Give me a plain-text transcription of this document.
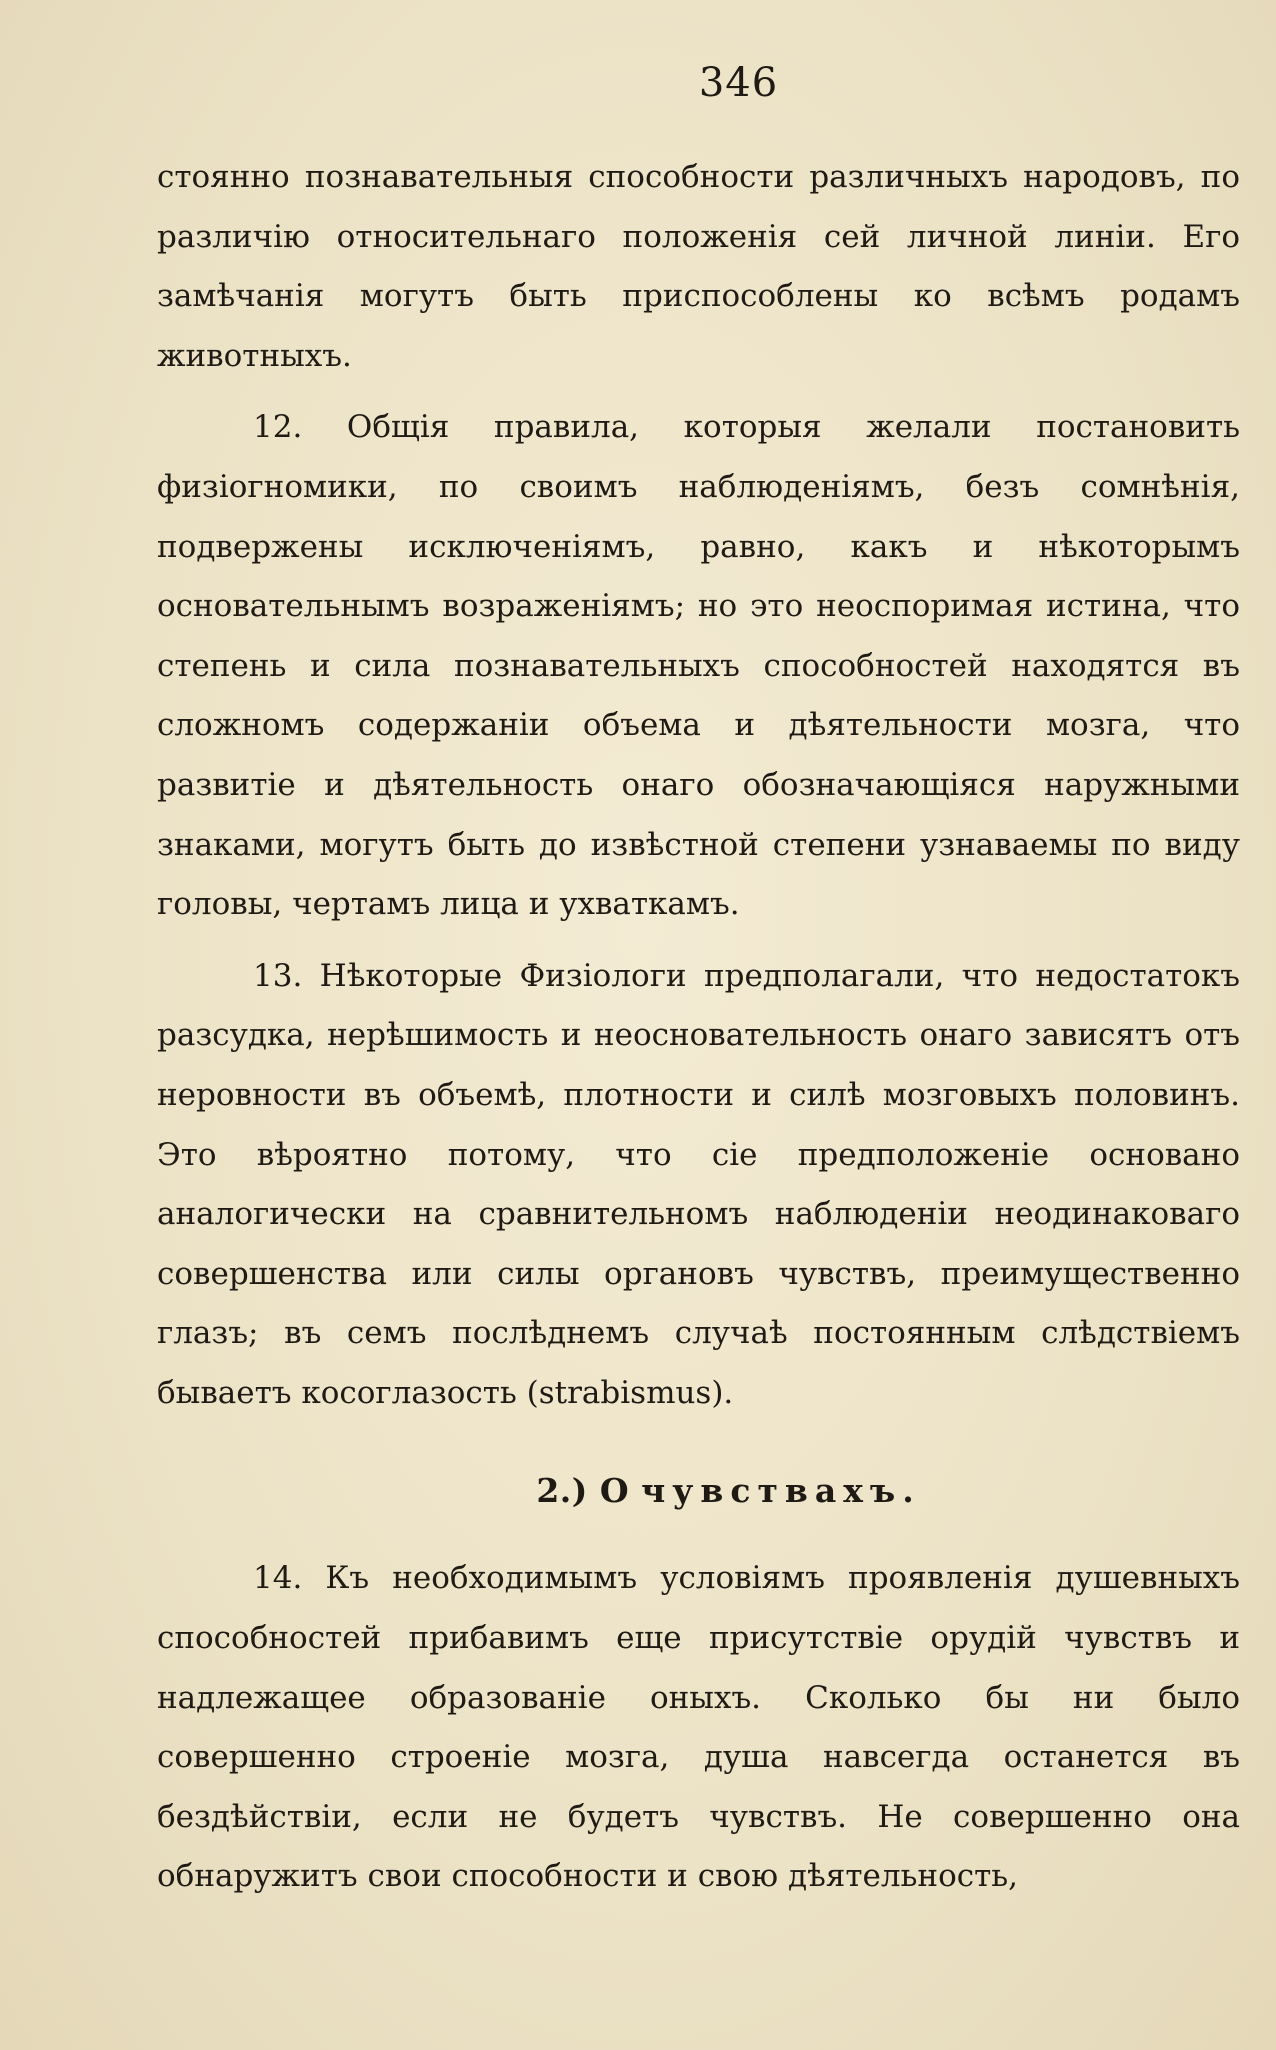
346

стоянно познавательныя способности различныхъ народовъ, по различію относительнаго положенія сей личной линіи. Его замѣчанія могутъ быть приспособлены ко всѣмъ родамъ животныхъ.

12. Общія правила, которыя желали постановить физіогномики, по своимъ наблюденіямъ, безъ сомнѣнія, подвержены исключеніямъ, равно, какъ и нѣкоторымъ основательнымъ возраженіямъ; но это неоспоримая истина, что степень и сила познавательныхъ способностей находятся въ сложномъ содержаніи объема и дѣятельности мозга, что развитіе и дѣятельность онаго обозначающіяся наружными знаками, могутъ быть до извѣстной степени узнаваемы по виду головы, чертамъ лица и ухваткамъ.

13. Нѣкоторые Физіологи предполагали, что недостатокъ разсудка, нерѣшимость и неосновательность онаго зависятъ отъ неровности въ объемѣ, плотности и силѣ мозговыхъ половинъ. Это вѣроятно потому, что сіе предположеніе основано аналогически на сравнительномъ наблюденіи неодинаковаго совершенства или силы органовъ чувствъ, преимущественно глазъ; въ семъ послѣднемъ случаѣ постоянным слѣдствіемъ бываетъ косоглазость (strabismus).

2.) О чувствахъ.

14. Къ необходимымъ условіямъ проявленія душевныхъ способностей прибавимъ еще присутствіе орудій чувствъ и надлежащее образованіе оныхъ. Сколько бы ни было совершенно строеніе мозга, душа навсегда останется въ бездѣйствіи, если не будетъ чувствъ. Не совершенно она обнаружитъ свои способности и свою дѣятельность,
